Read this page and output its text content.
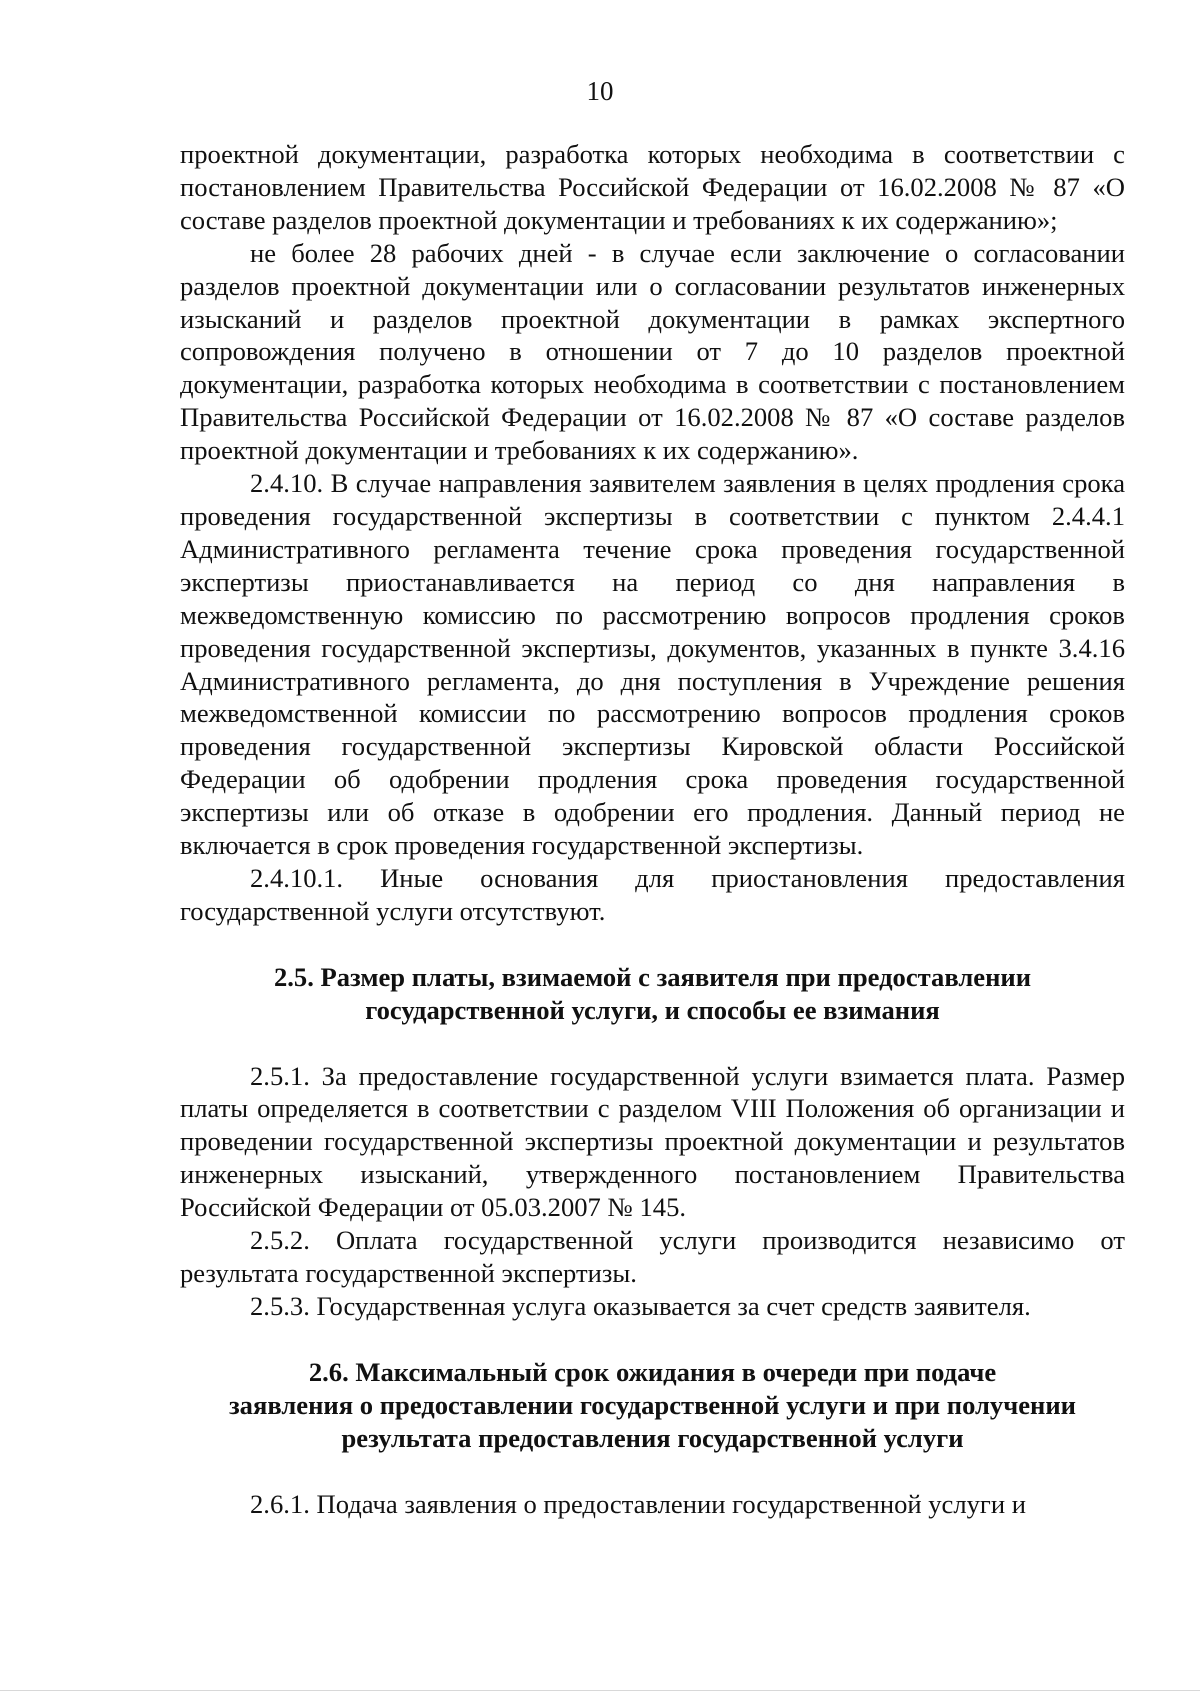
10

проектной документации, разработка которых необходима в соответствии с постановлением Правительства Российской Федерации от 16.02.2008 № 87 «О составе разделов проектной документации и требованиях к их содержанию»;

не более 28 рабочих дней - в случае если заключение о согласовании разделов проектной документации или о согласовании результатов инженерных изысканий и разделов проектной документации в рамках экспертного сопровождения получено в отношении от 7 до 10 разделов проектной документации, разработка которых необходима в соответствии с постановлением Правительства Российской Федерации от 16.02.2008 № 87 «О составе разделов проектной документации и требованиях к их содержанию».

2.4.10. В случае направления заявителем заявления в целях продления срока проведения государственной экспертизы в соответствии с пунктом 2.4.4.1 Административного регламента течение срока проведения государственной экспертизы приостанавливается на период со дня направления в межведомственную комиссию по рассмотрению вопросов продления сроков проведения государственной экспертизы, документов, указанных в пункте 3.4.16 Административного регламента, до дня поступления в Учреждение решения межведомственной комиссии по рассмотрению вопросов продления сроков проведения государственной экспертизы Кировской области Российской Федерации об одобрении продления срока проведения государственной экспертизы или об отказе в одобрении его продления. Данный период не включается в срок проведения государственной экспертизы.

2.4.10.1. Иные основания для приостановления предоставления государственной услуги отсутствуют.

2.5. Размер платы, взимаемой с заявителя при предоставлении
государственной услуги, и способы ее взимания

2.5.1. За предоставление государственной услуги взимается плата. Размер платы определяется в соответствии с разделом VIII Положения об организации и проведении государственной экспертизы проектной документации и результатов инженерных изысканий, утвержденного постановлением Правительства Российской Федерации от 05.03.2007 № 145.

2.5.2. Оплата государственной услуги производится независимо от результата государственной экспертизы.

2.5.3. Государственная услуга оказывается за счет средств заявителя.

2.6. Максимальный срок ожидания в очереди при подаче
заявления о предоставлении государственной услуги и при получении
результата предоставления государственной услуги

2.6.1. Подача заявления о предоставлении государственной услуги и
